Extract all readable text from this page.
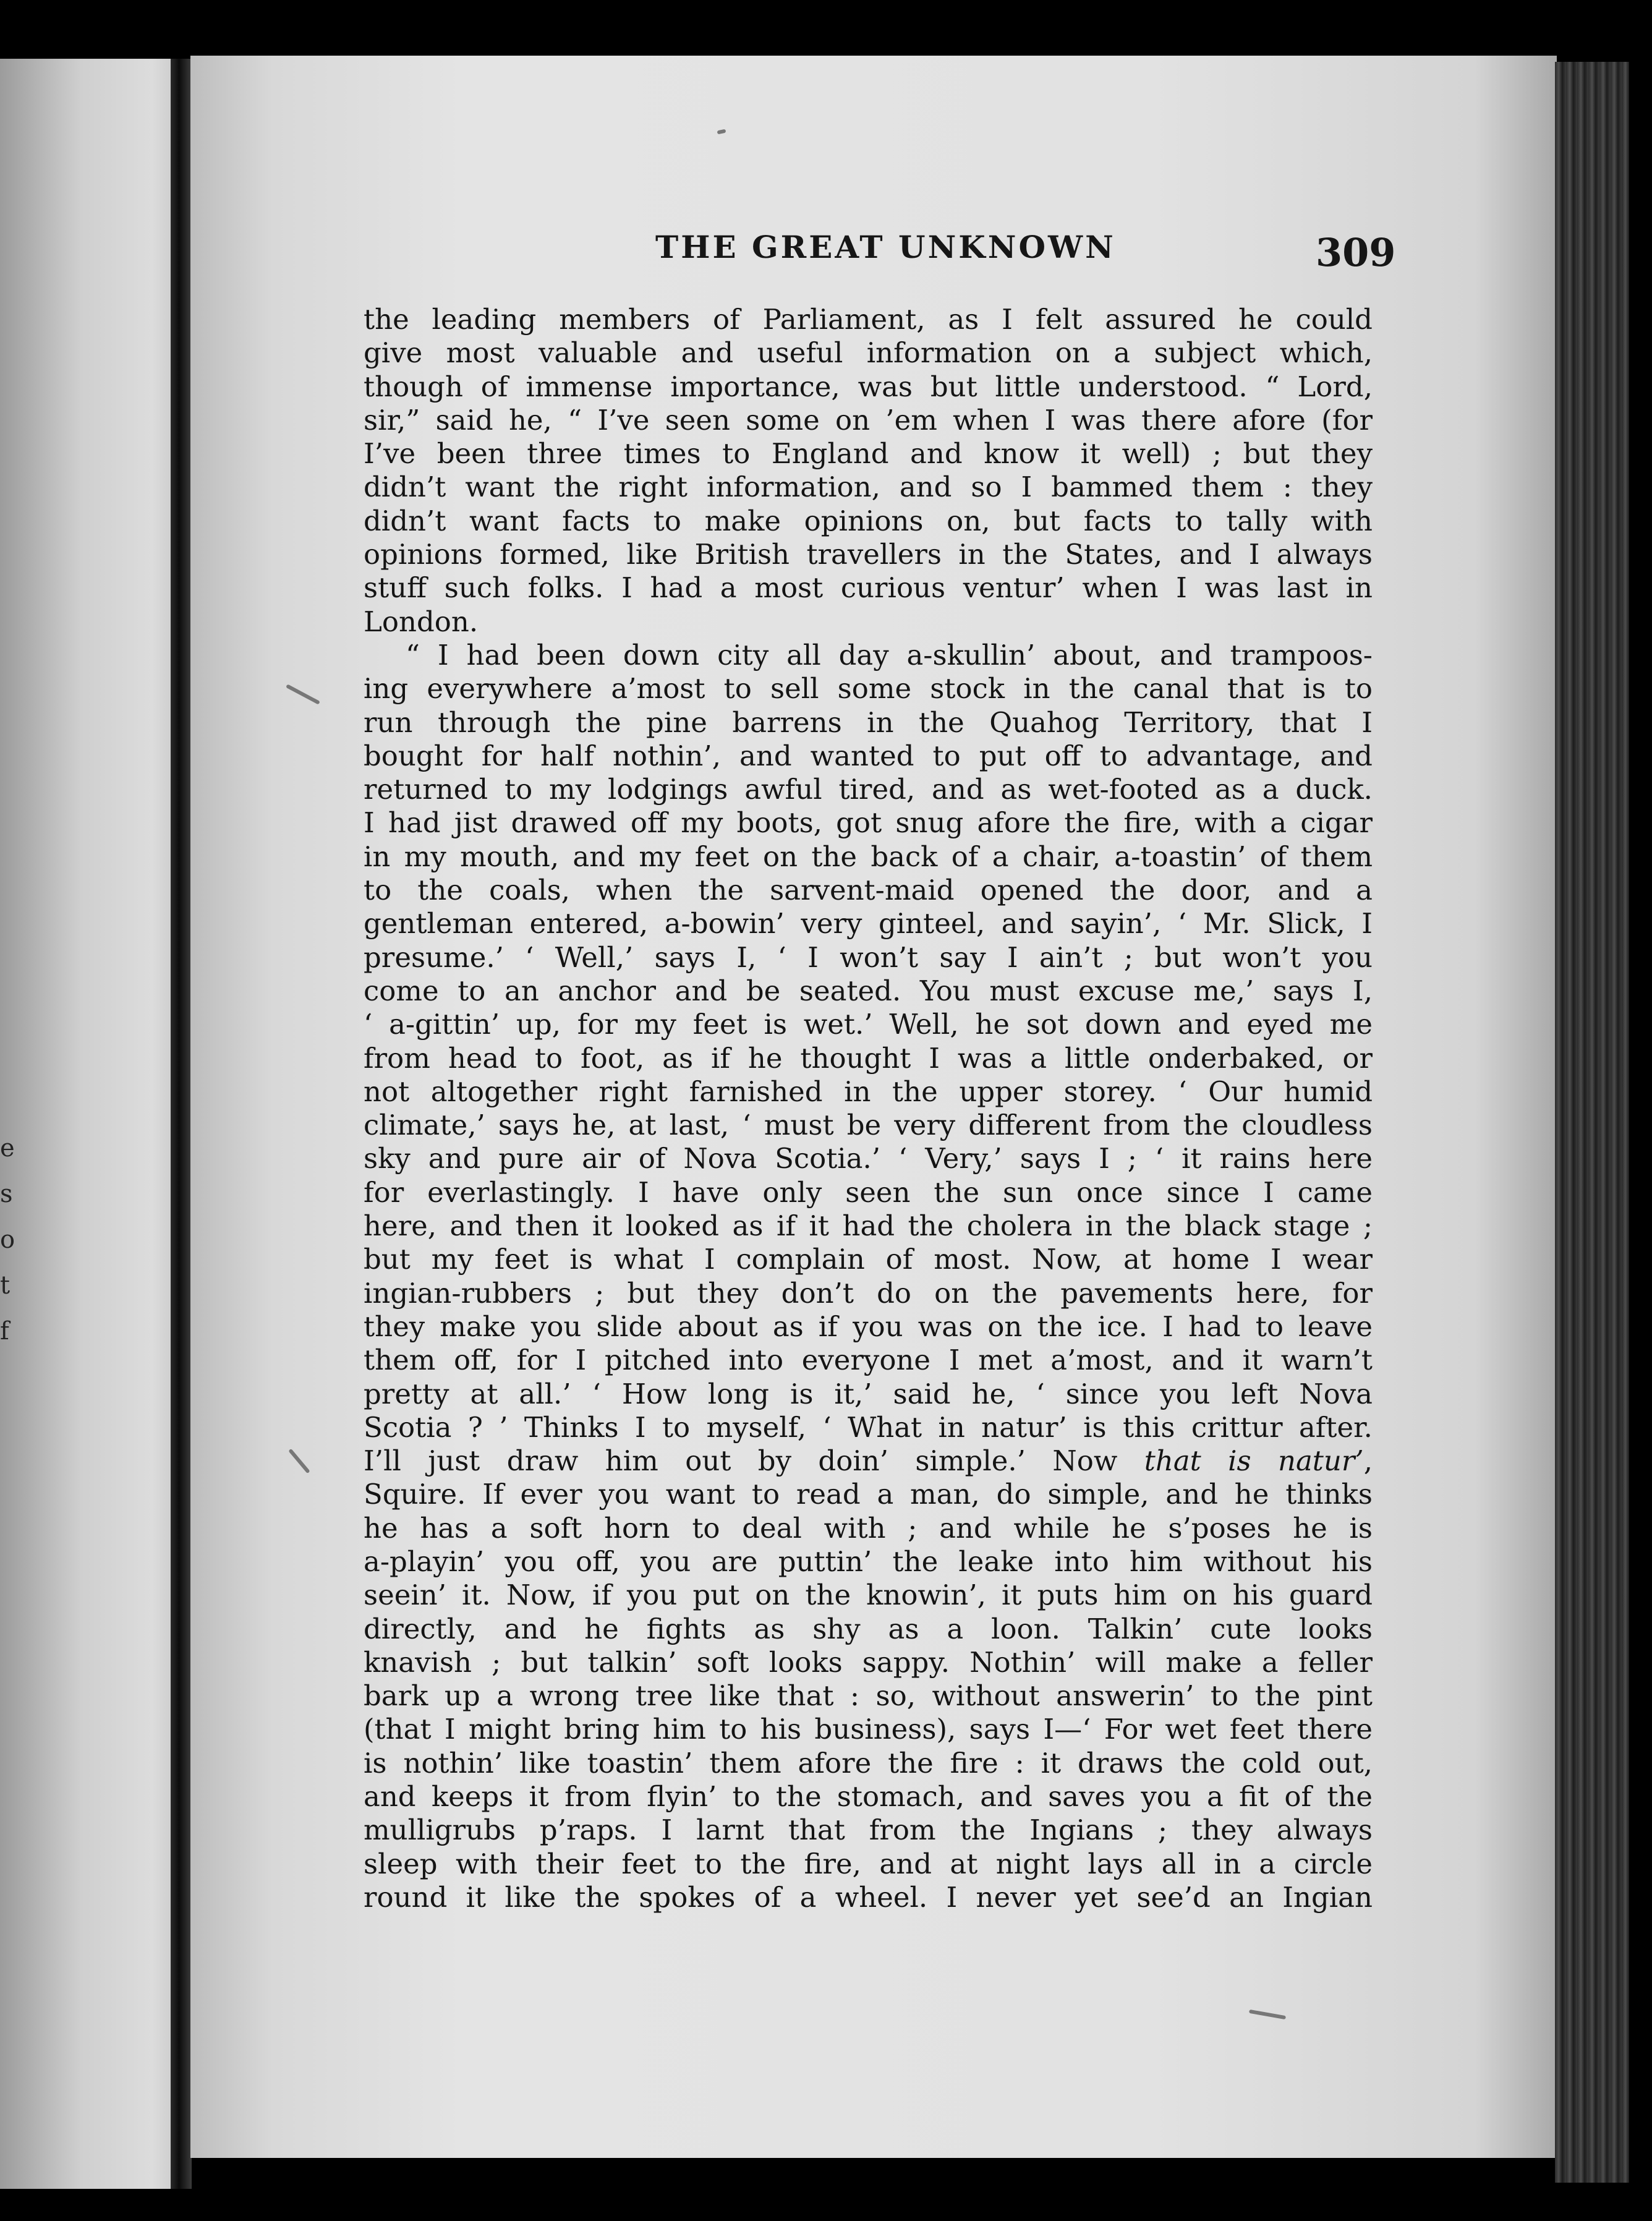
e
s
o
t
f
THE GREAT UNKNOWN	309
the leading members of Parliament, as I felt assured he could
give most valuable and useful information on a subject which,
though of immense importance, was but little understood. “ Lord,
sir,” said he, “ I’ve seen some on ’em when I was there afore (for
I’ve been three times to England and know it well) ; but they
didn’t want the right information, and so I bammed them : they
didn’t want facts to make opinions on, but facts to tally with
opinions formed, like British travellers in the States, and I always
stuff such folks. I had a most curious ventur’ when I was last in
London.
“ I had been down city all day a-skullin’ about, and trampoos-
ing everywhere a’most to sell some stock in the canal that is to
run through the pine barrens in the Quahog Territory, that I
bought for half nothin’, and wanted to put off to advantage, and
returned to my lodgings awful tired, and as wet-footed as a duck.
I had jist drawed off my boots, got snug afore the fire, with a cigar
in my mouth, and my feet on the back of a chair, a-toastin’ of them
to the coals, when the sarvent-maid opened the door, and a
gentleman entered, a-bowin’ very ginteel, and sayin’, ‘ Mr. Slick, I
presume.’ ‘ Well,’ says I, ‘ I won’t say I ain’t ; but won’t you
come to an anchor and be seated. You must excuse me,’ says I,
‘ a-gittin’ up, for my feet is wet.’ Well, he sot down and eyed me
from head to foot, as if he thought I was a little onderbaked, or
not altogether right farnished in the upper storey. ‘ Our humid
climate,’ says he, at last, ‘ must be very different from the cloudless
sky and pure air of Nova Scotia.’ ‘ Very,’ says I ; ‘ it rains here
for everlastingly. I have only seen the sun once since I came
here, and then it looked as if it had the cholera in the black stage ;
but my feet is what I complain of most. Now, at home I wear
ingian-rubbers ; but they don’t do on the pavements here, for
they make you slide about as if you was on the ice. I had to leave
them off, for I pitched into everyone I met a’most, and it warn’t
pretty at all.’ ‘ How long is it,’ said he, ‘ since you left Nova
Scotia ? ’ Thinks I to myself, ‘ What in natur’ is this crittur after.
I’ll just draw him out by doin’ simple.’ Now that is natur’,
Squire. If ever you want to read a man, do simple, and he thinks
he has a soft horn to deal with ; and while he s’poses he is
a-playin’ you off, you are puttin’ the leake into him without his
seein’ it. Now, if you put on the knowin’, it puts him on his guard
directly, and he fights as shy as a loon. Talkin’ cute looks
knavish ; but talkin’ soft looks sappy. Nothin’ will make a feller
bark up a wrong tree like that : so, without answerin’ to the pint
(that I might bring him to his business), says I—‘ For wet feet there
is nothin’ like toastin’ them afore the fire : it draws the cold out,
and keeps it from flyin’ to the stomach, and saves you a fit of the
mulligrubs p’raps. I larnt that from the Ingians ; they always
sleep with their feet to the fire, and at night lays all in a circle
round it like the spokes of a wheel. I never yet see’d an Ingian
